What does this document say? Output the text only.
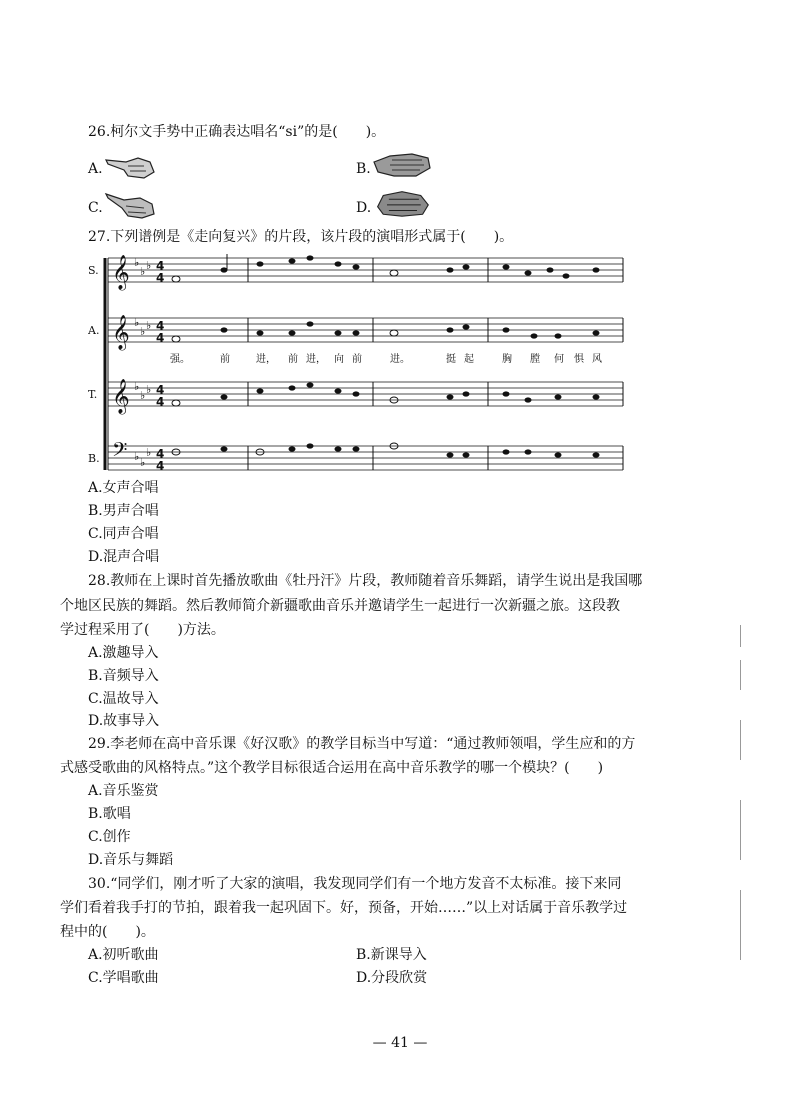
26.柯尔文手势中正确表达唱名“si”的是(　　)。
A.	B.
C.	D.
27.下列谱例是《走向复兴》的片段，该片段的演唱形式属于(　　)。
𝄞
𝄞
𝄞
𝄢
♭
♭ ♭
♭
♭ ♭
♭
♭ ♭
♭ ♭
♭
4
4
4
4
4
4
4
4
S.
A.
T.
B.
强。	前	进， 前 进， 向 前	进。	挺 起	胸 膛 何 惧 风
A.女声合唱
B.男声合唱
C.同声合唱
D.混声合唱
28.教师在上课时首先播放歌曲《牡丹汗》片段，教师随着音乐舞蹈，请学生说出是我国哪
个地区民族的舞蹈。然后教师简介新疆歌曲音乐并邀请学生一起进行一次新疆之旅。这段教
学过程采用了(　　)方法。
A.激趣导入
B.音频导入
C.温故导入
D.故事导入
29.李老师在高中音乐课《好汉歌》的教学目标当中写道：“通过教师领唱，学生应和的方
式感受歌曲的风格特点。”这个教学目标很适合运用在高中音乐教学的哪一个模块？(　　)
A.音乐鉴赏
B.歌唱
C.创作
D.音乐与舞蹈
30.“同学们，刚才听了大家的演唱，我发现同学们有一个地方发音不太标准。接下来同
学们看着我手打的节拍，跟着我一起巩固下。好，预备，开始……”以上对话属于音乐教学过
程中的(　　)。
A.初听歌曲	B.新课导入
C.学唱歌曲	D.分段欣赏
— 41 —
